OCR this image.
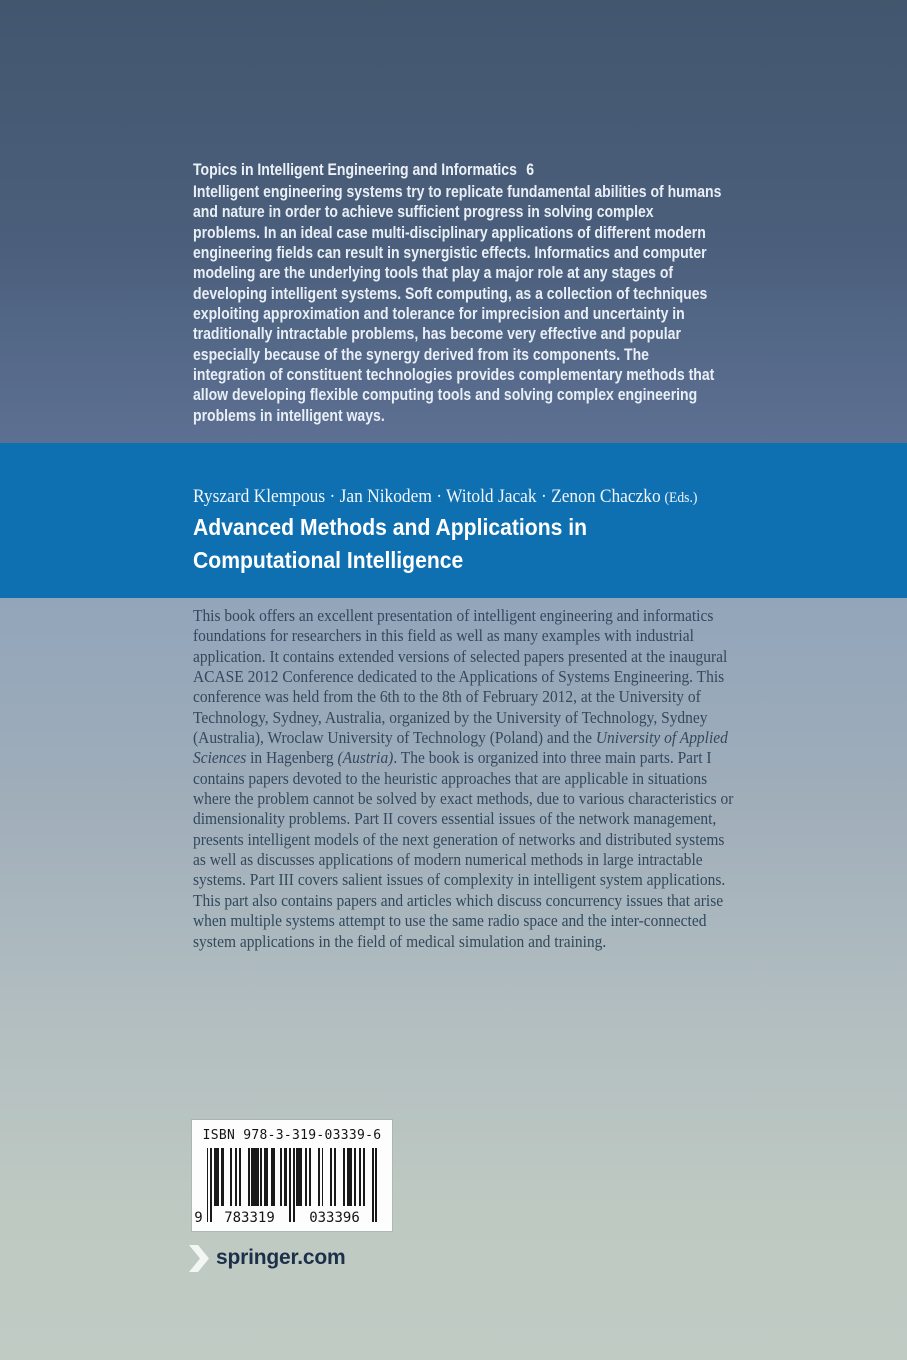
Topics in Intelligent Engineering and Informatics 6
Intelligent engineering systems try to replicate fundamental abilities of humans and nature in order to achieve sufficient progress in solving complex problems. In an ideal case multi-disciplinary applications of different modern engineering fields can result in synergistic effects. Informatics and computer modeling are the underlying tools that play a major role at any stages of developing intelligent systems. Soft computing, as a collection of techniques exploiting approximation and tolerance for imprecision and uncertainty in traditionally intractable problems, has become very effective and popular especially because of the synergy derived from its components. The integration of constituent technologies provides complementary methods that allow developing flexible computing tools and solving complex engineering problems in intelligent ways.
Ryszard Klempous · Jan Nikodem · Witold Jacak · Zenon Chaczko (Eds.)
Advanced Methods and Applications in Computational Intelligence
This book offers an excellent presentation of intelligent engineering and informatics foundations for researchers in this field as well as many examples with industrial application. It contains extended versions of selected papers presented at the inaugural ACASE 2012 Conference dedicated to the Applications of Systems Engineering. This conference was held from the 6th to the 8th of February 2012, at the University of Technology, Sydney, Australia, organized by the University of Technology, Sydney (Australia), Wroclaw University of Technology (Poland) and the University of Applied Sciences in Hagenberg (Austria). The book is organized into three main parts. Part I contains papers devoted to the heuristic approaches that are applicable in situations where the problem cannot be solved by exact methods, due to various characteristics or dimensionality problems. Part II covers essential issues of the network management, presents intelligent models of the next generation of networks and distributed systems as well as discusses applications of modern numerical methods in large intractable systems. Part III covers salient issues of complexity in intelligent system applications. This part also contains papers and articles which discuss concurrency issues that arise when multiple systems attempt to use the same radio space and the inter-connected system applications in the field of medical simulation and training.
ISBN 978-3-319-03339-6
9	783319	033396
springer.com
